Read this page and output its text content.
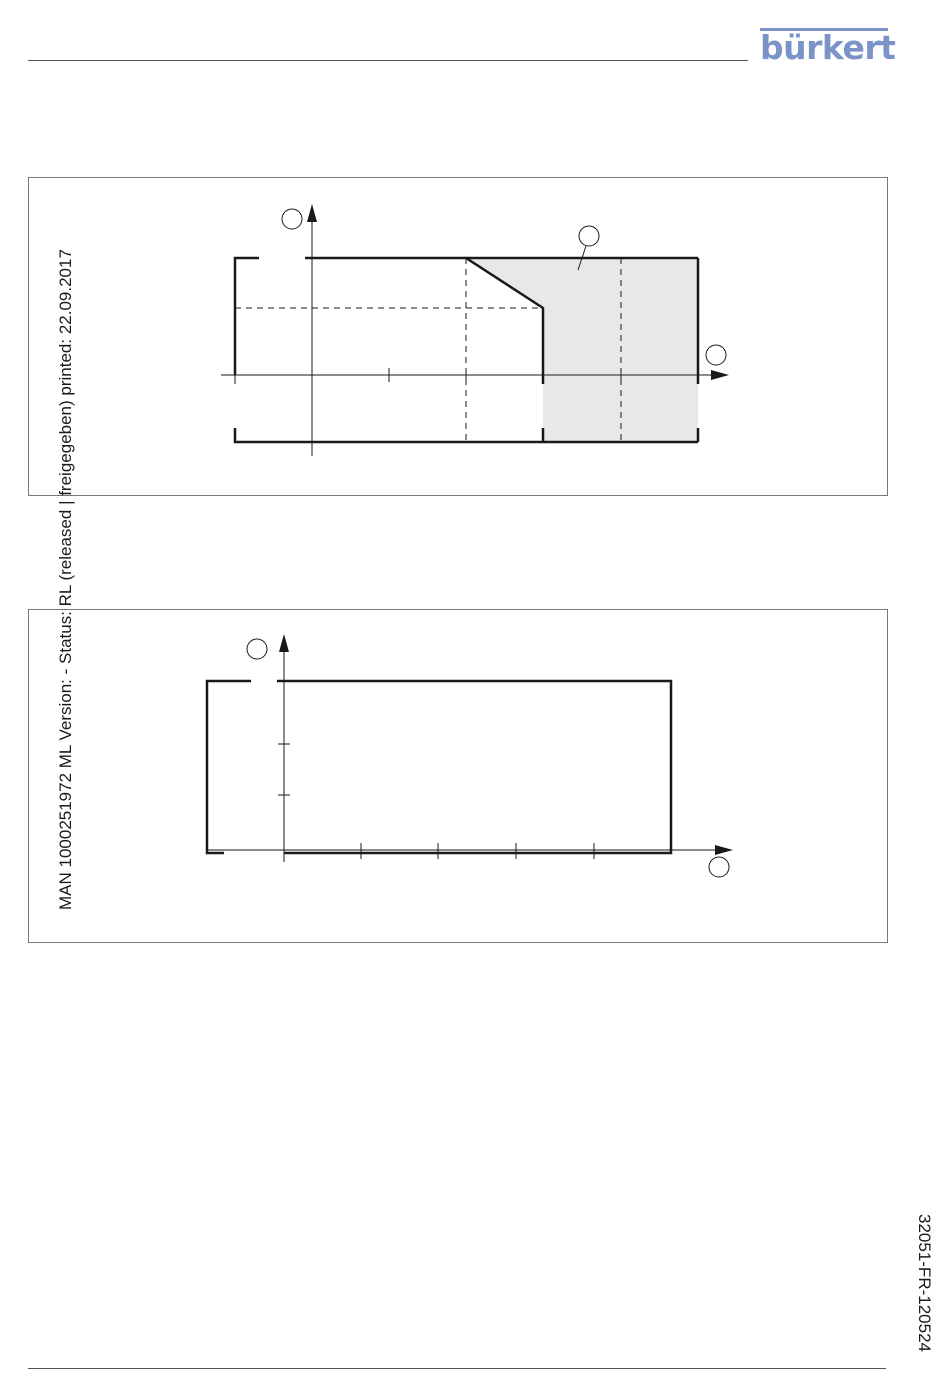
bürkert
MAN 1000251972 ML Version: - Status: RL (released | freigegeben) printed: 22.09.2017
32051-FR-120524
